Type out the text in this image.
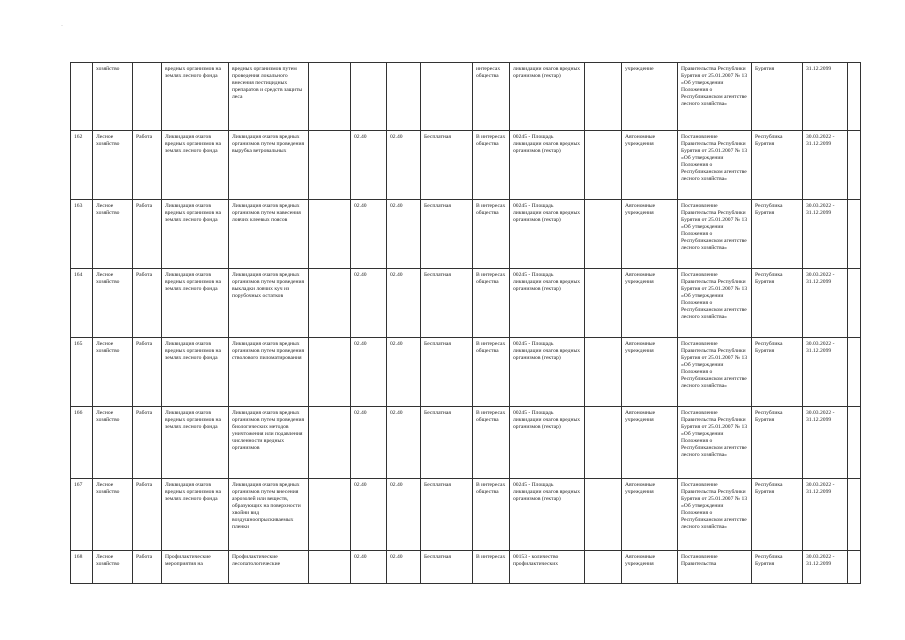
	хозяйство		вредных организмов на землях лесного фонда	вредных организмов путем проведения локального внесения пестицидных препаратов и средств защиты леса					интересах общества	ликвидации очагов вредных организмов (гектар)		учреждение	Правительства Республики Бурятия от 25.01.2007 № 13 «Об утверждении Положения о Республиканском агентстве лесного хозяйства»	Бурятия	31.12.2099	
162	Лесное хозяйство	Работа	Ликвидация очагов вредных организмов на землях лесного фонда	Ликвидация очагов вредных организмов путем проведения вырубка ветровальных		02.40	02.40	Бесплатная	В интересах общества	00245 - Площадь ликвидации очагов вредных организмов (гектар)		Автономные учреждения	Постановление Правительства Республики Бурятия от 25.01.2007 № 13 «Об утверждении Положения о Республиканском агентстве лесного хозяйства»	Республика Бурятия	30.03.2022 - 31.12.2099	
163	Лесное хозяйство	Работа	Ликвидация очагов вредных организмов на землях лесного фонда	Ликвидация очагов вредных организмов путем навесения ловчих клеевых поясов		02.40	02.40	Бесплатная	В интересах общества	00245 - Площадь ликвидации очагов вредных организмов (гектар)		Автономные учреждения	Постановление Правительства Республики Бурятия от 25.01.2007 № 13 «Об утверждении Положения о Республиканском агентстве лесного хозяйства»	Республика Бурятия	30.03.2022 - 31.12.2099	
164	Лесное хозяйство	Работа	Ликвидация очагов вредных организмов на землях лесного фонда	Ликвидация очагов вредных организмов путем проведения выкладки ловчих куч из порубочных остатков		02.40	02.40	Бесплатная	В интересах общества	00245 - Площадь ликвидации очагов вредных организмов (гектар)		Автономные учреждения	Постановление Правительства Республики Бурятия от 25.01.2007 № 13 «Об утверждении Положения о Республиканском агентстве лесного хозяйства»	Республика Бурятия	30.03.2022 - 31.12.2099	
165	Лесное хозяйство	Работа	Ликвидация очагов вредных организмов на землях лесного фонда	Ликвидация очагов вредных организмов путем проведения стволового пиломатирования		02.40	02.40	Бесплатная	В интересах общества	00245 - Площадь ликвидации очагов вредных организмов (гектар)		Автономные учреждения	Постановление Правительства Республики Бурятия от 25.01.2007 № 13 «Об утверждении Положения о Республиканском агентстве лесного хозяйства»	Республика Бурятия	30.03.2022 - 31.12.2099	
166	Лесное хозяйство	Работа	Ликвидация очагов вредных организмов на землях лесного фонда	Ликвидация очагов вредных организмов путем проведения биологических методов уничтожения или подавления численности вредных организмов		02.40	02.40	Бесплатная	В интересах общества	00245 - Площадь ликвидации очагов вредных организмов (гектар)		Автономные учреждения	Постановление Правительства Республики Бурятия от 25.01.2007 № 13 «Об утверждении Положения о Республиканском агентстве лесного хозяйства»	Республика Бурятия	30.03.2022 - 31.12.2099	
167	Лесное хозяйство	Работа	Ликвидация очагов вредных организмов на землях лесного фонда	Ликвидация очагов вредных организмов путем внесения аэрозолей или веществ, образующих на поверхности хвойни вид воздушноопрыскиваемых пленки		02.40	02.40	Бесплатная	В интересах общества	00245 - Площадь ликвидации очагов вредных организмов (гектар)		Автономные учреждения	Постановление Правительства Республики Бурятия от 25.01.2007 № 13 «Об утверждении Положения о Республиканском агентстве лесного хозяйства»	Республика Бурятия	30.03.2022 - 31.12.2099	
168	Лесное хозяйство	Работа	Профилактические мероприятия на	Профилактические лесопатологические		02.40	02.40	Бесплатная	В интересах	00153 - количество профилактических		Автономные учреждения	Постановление Правительства	Республика Бурятия	30.03.2022 - 31.12.2099	
